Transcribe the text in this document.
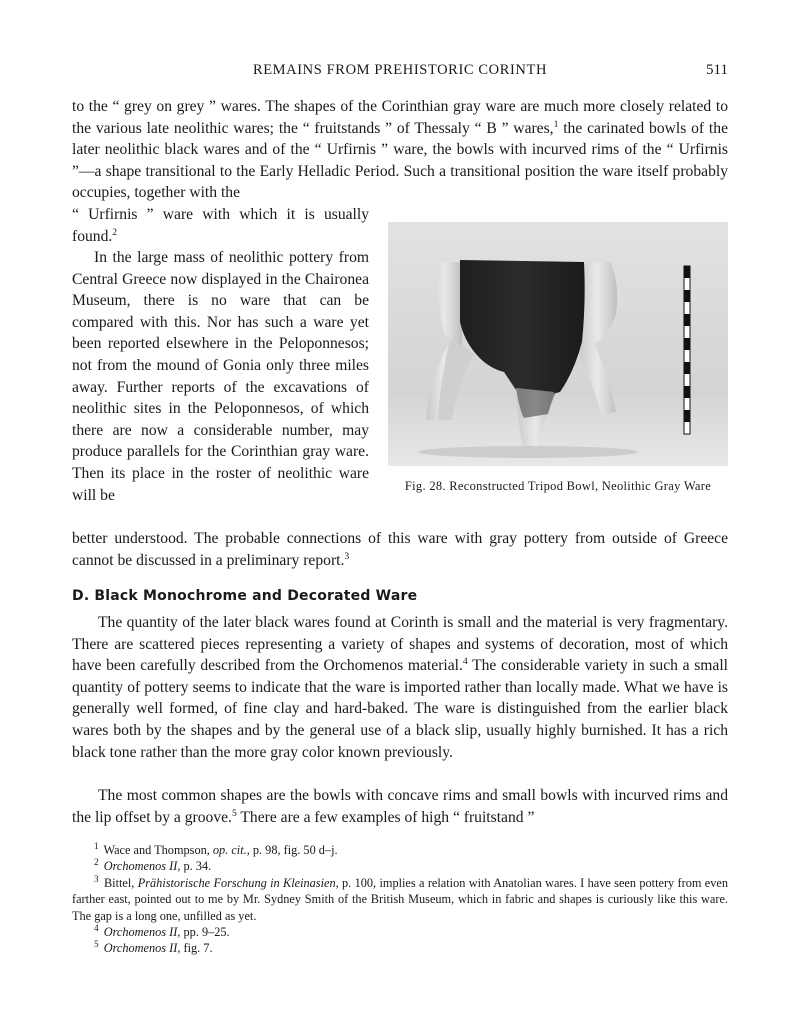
REMAINS FROM PREHISTORIC CORINTH	511

to the “ grey on grey ” wares. The shapes of the Corinthian gray ware are much more closely related to the various late neolithic wares; the “ fruitstands ” of Thessaly “ B ” wares,$^1$ the carinated bowls of the later neolithic black wares and of the “ Urfirnis ” ware, the bowls with incurved rims of the “ Urfirnis ”—a shape transitional to the Early Helladic Period. Such a transitional position the ware itself probably occupies, together with the

“ Urfirnis ” ware with which it is usually found.$^2$

In the large mass of neolithic pottery from Central Greece now displayed in the Chaironea Museum, there is no ware that can be compared with this. Nor has such a ware yet been reported elsewhere in the Peloponnesos; not from the mound of Gonia only three miles away. Further reports of the excavations of neolithic sites in the Peloponnesos, of which there are now a considerable number, may produce parallels for the Corinthian gray ware. Then its place in the roster of neolithic ware will be

better understood. The probable connections of this ware with gray pottery from outside of Greece cannot be discussed in a preliminary report.$^3$

Fig. 28. Reconstructed Tripod Bowl, Neolithic Gray Ware
D. Black Monochrome and Decorated Ware

The quantity of the later black wares found at Corinth is small and the material is very fragmentary. There are scattered pieces representing a variety of shapes and systems of decoration, most of which have been carefully described from the Orchomenos material.$^4$ The considerable variety in such a small quantity of pottery seems to indicate that the ware is imported rather than locally made. What we have is generally well formed, of fine clay and hard-baked. The ware is distinguished from the earlier black wares both by the shapes and by the general use of a black slip, usually highly burnished. It has a rich black tone rather than the more gray color known previously.

The most common shapes are the bowls with concave rims and small bowls with incurved rims and the lip offset by a groove.$^5$ There are a few examples of high “ fruitstand ”

$^1$ Wace and Thompson, op. cit., p. 98, fig. 50 d–j.

$^2$ Orchomenos II, p. 34.

$^3$ Bittel, Prähistorische Forschung in Kleinasien, p. 100, implies a relation with Anatolian wares. I have seen pottery from even farther east, pointed out to me by Mr. Sydney Smith of the British Museum, which in fabric and shapes is curiously like this ware. The gap is a long one, unfilled as yet.

$^4$ Orchomenos II, pp. 9–25.

$^5$ Orchomenos II, fig. 7.
